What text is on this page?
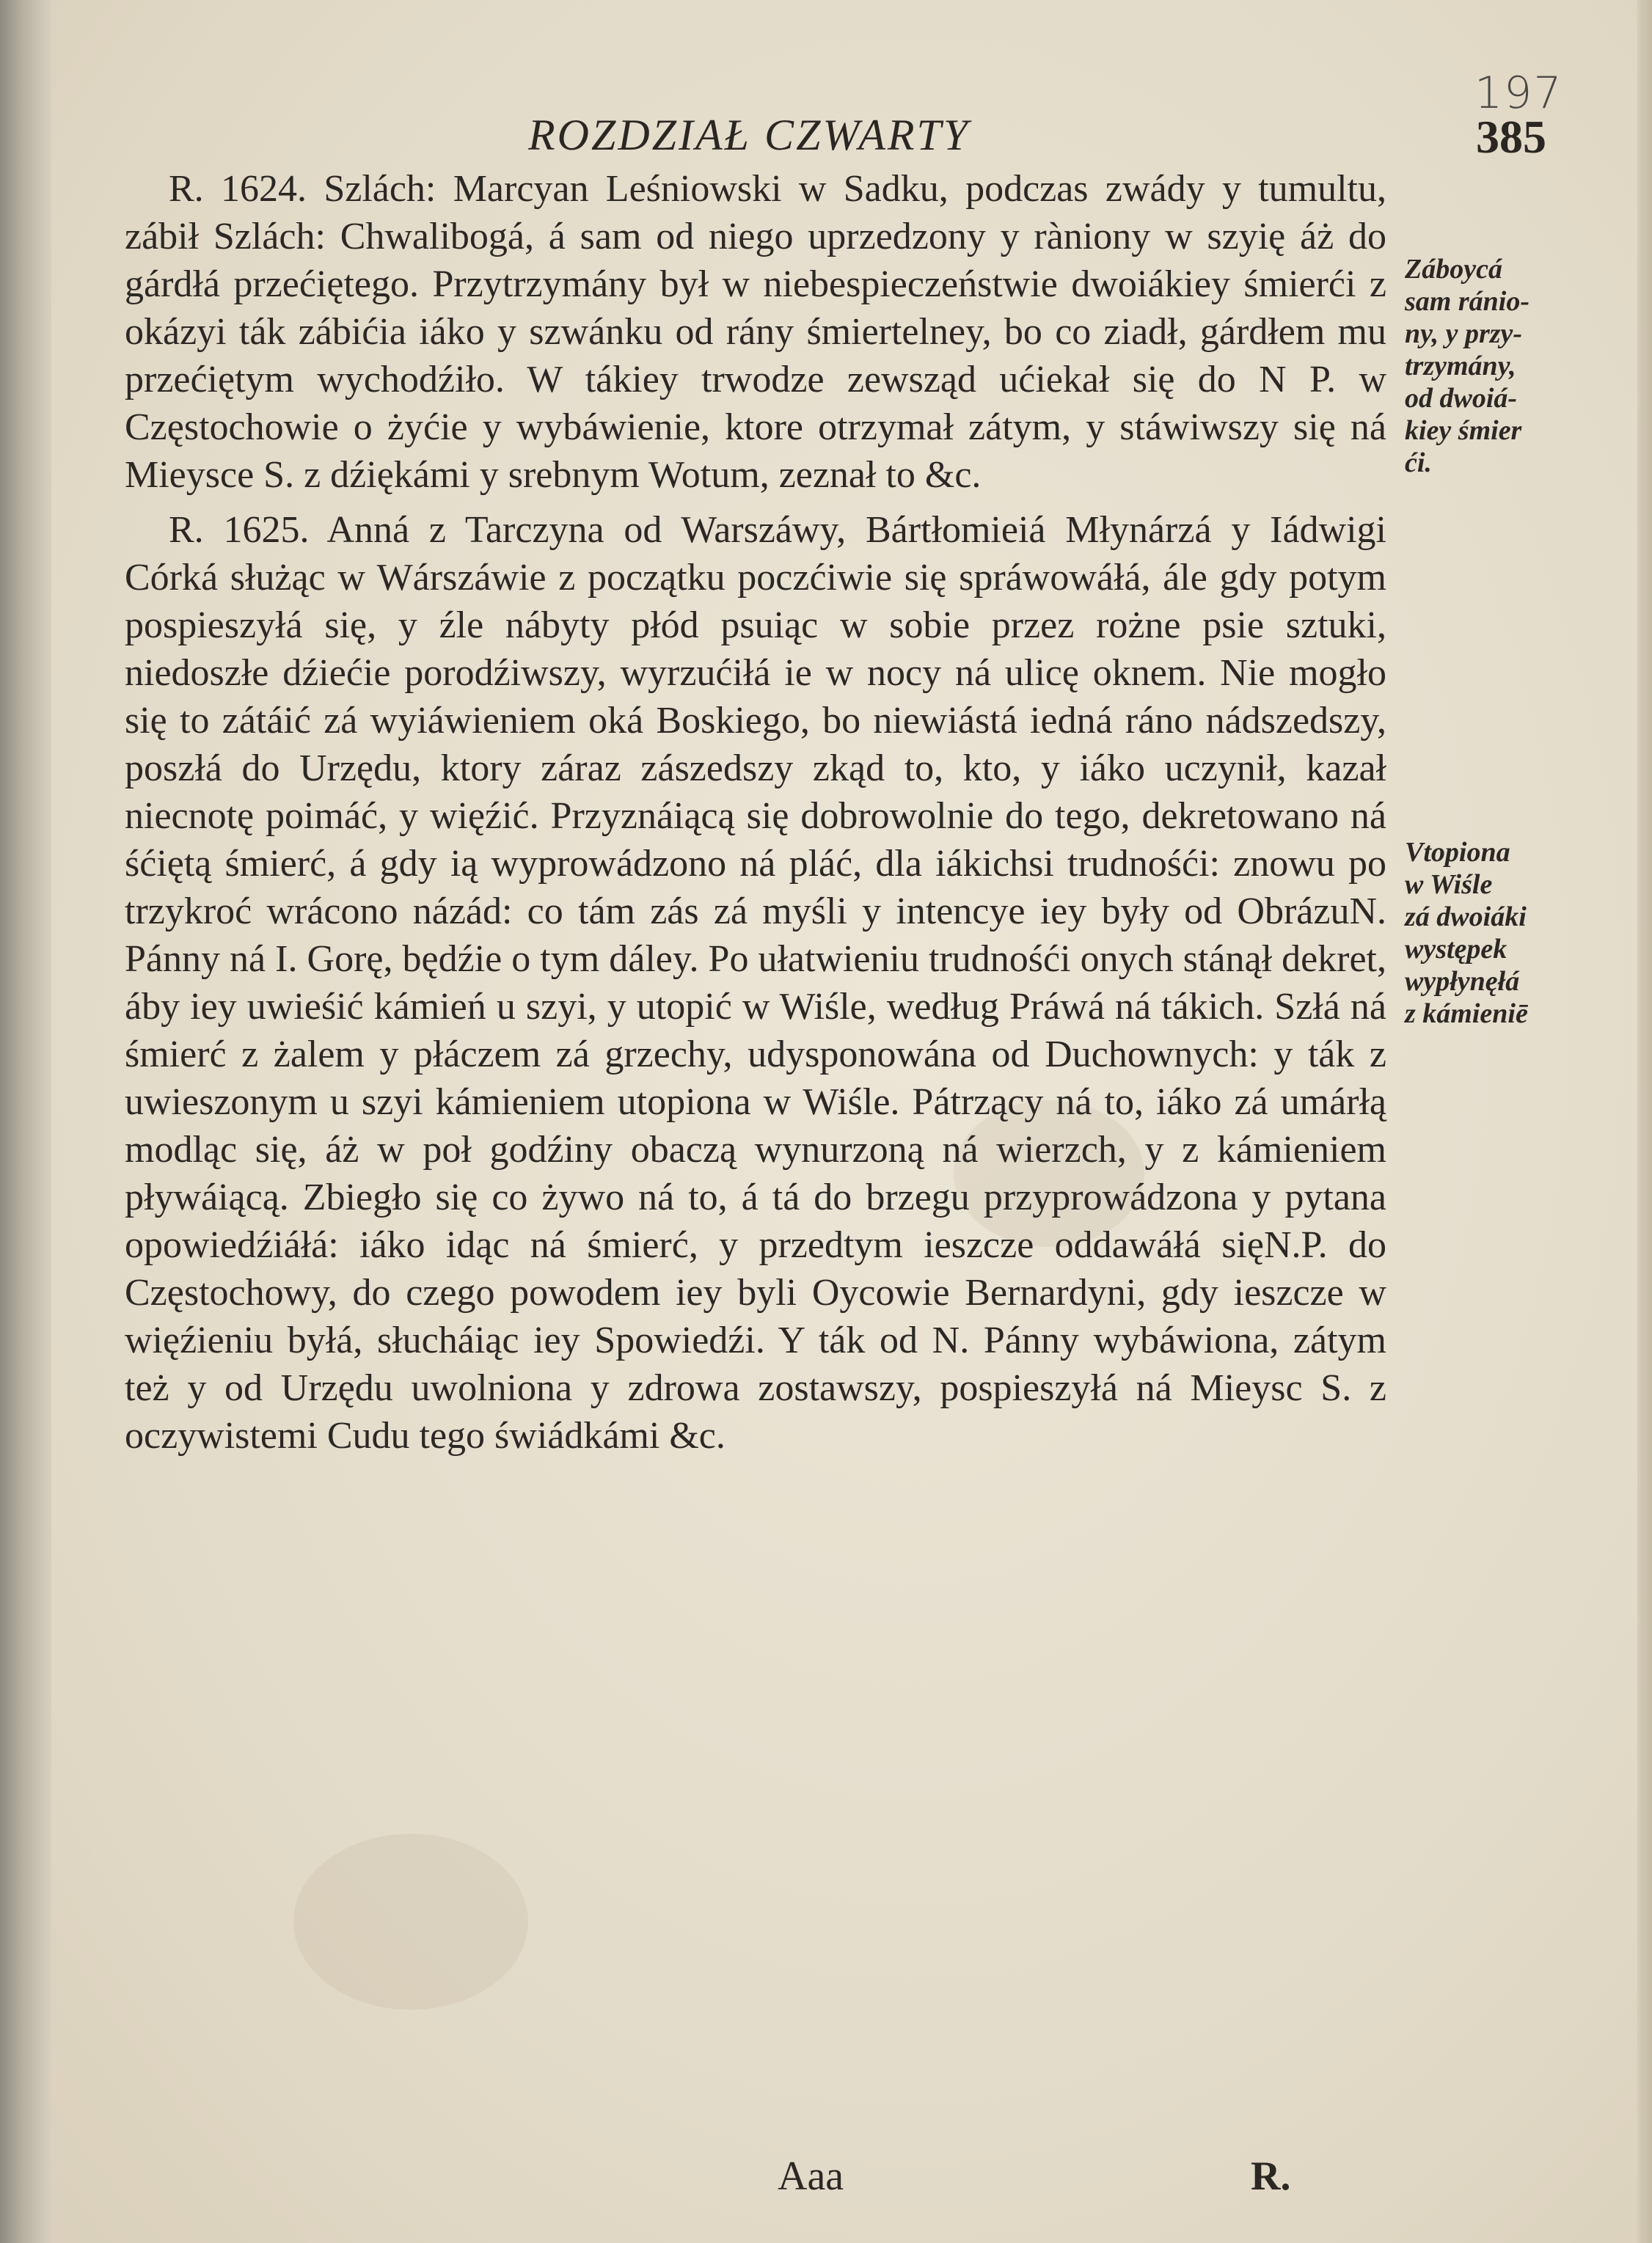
197
ROZDZIAŁ CZWARTY	385

R. 1624. Szlách: Marcyan Leśniowski w Sadku, podczas zwády y tumultu, zábił Szlách: Chwalibogá, á sam od niego uprzedzony y ràniony w szyię áż do gárdłá przećiętego. Przytrzymány był w niebespieczeństwie dwoiákiey śmierći z okázyi ták zábićia iáko y szwánku od rány śmiertelney, bo co ziadł, gárdłem mu przećiętym wychodźiło. W tákiey trwodze zewsząd ućiekał się do N P. w Częstochowie o żyćie y wybáwienie, ktore otrzymał zátym, y stáwiwszy się ná Mieysce S. z dźiękámi y srebnym Wotum, zeznał to &c.

R. 1625. Anná z Tarczyna od Warszáwy, Bártłomieiá Młynárzá y Iádwigi Córká służąc w Wárszáwie z początku poczćiwie się spráwowáłá, ále gdy potym pospieszyłá się, y źle nábyty płód psuiąc w sobie przez rożne psie sztuki, niedoszłe dźiećie porodźiwszy, wyrzućiłá ie w nocy ná ulicę oknem. Nie mogło się to zátáić zá wyiáwieniem oká Boskiego, bo niewiástá iedná ráno nádszedszy, poszłá do Urzędu, ktory záraz zászedszy zkąd to, kto, y iáko uczynił, kazał niecnotę poimáć, y więźić. Przyznáiącą się dobrowolnie do tego, dekretowano ná śćiętą śmierć, á gdy ią wyprowádzono ná pláć, dla iákichsi trudnośći: znowu po trzykroć wrácono názád: co tám zás zá myśli y intencye iey były od ObrázuN. Pánny ná I. Gorę, będźie o tym dáley. Po ułatwieniu trudnośći onych stánął dekret, áby iey uwieśić kámień u szyi, y utopić w Wiśle, według Práwá ná tákich. Szłá ná śmierć z żalem y płáczem zá grzechy, udysponowána od Duchownych: y ták z uwieszonym u szyi kámieniem utopiona w Wiśle. Pátrzący ná to, iáko zá umárłą modląc się, áż w poł godźiny obaczą wynurzoną ná wierzch, y z kámieniem pływáiącą. Zbiegło się co żywo ná to, á tá do brzegu przyprowádzona y pytana opowiedźiáłá: iáko idąc ná śmierć, y przedtym ieszcze oddawáłá sięN.P. do Częstochowy, do czego powodem iey byli Oycowie Bernardyni, gdy ieszcze w więźieniu byłá, słucháiąc iey Spowiedźi. Y ták od N. Pánny wybáwiona, zátym też y od Urzędu uwolniona y zdrowa zostawszy, pospieszyłá ná Mieysc S. z oczywistemi Cudu tego świádkámi &c.

Záboycá
sam ránio-
ny, y przy-
trzymány,
od dwoiá-
kiey śmier
ći.
Vtopiona
w Wiśle
zá dwoiáki
występek
wypłynęłá
z kámieniē
Aaa	R.
